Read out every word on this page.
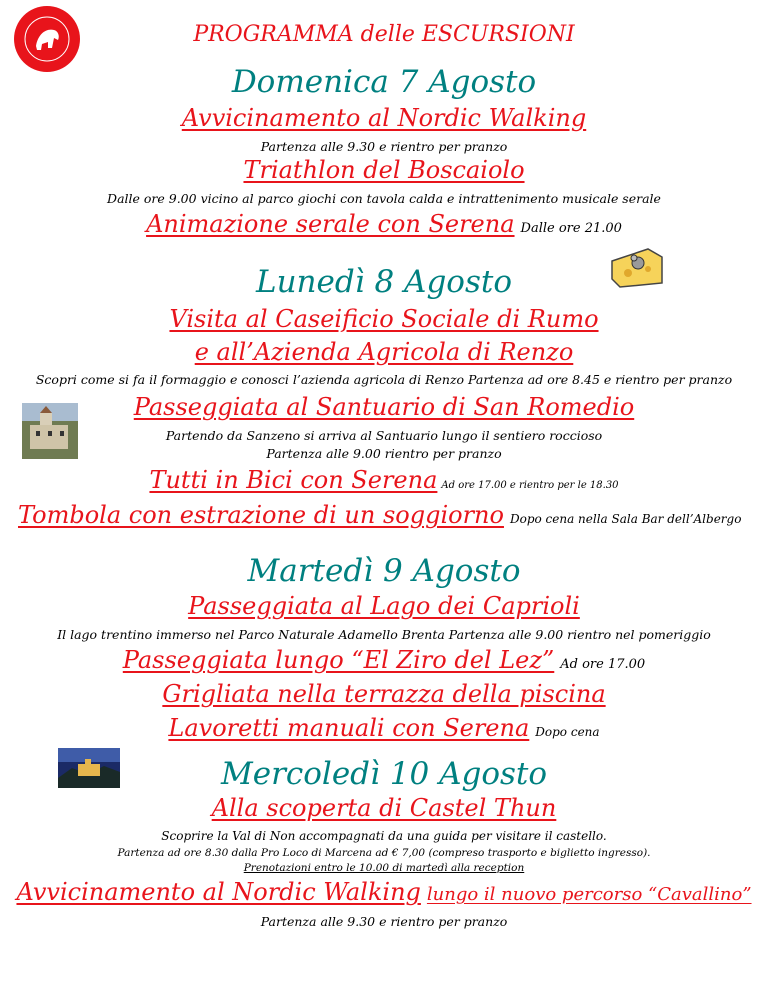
PROGRAMMA delle ESCURSIONI
Domenica 7 Agosto
Avvicinamento al Nordic Walking
Partenza alle 9.30 e rientro per pranzo
Triathlon del Boscaiolo
Dalle ore 9.00 vicino al parco giochi con tavola calda e intrattenimento musicale serale
Animazione serale con Serena Dalle ore 21.00
Lunedì 8 Agosto
Visita al Caseificio Sociale di Rumo
e all’Azienda Agricola di Renzo
Scopri come si fa il formaggio e conosci l’azienda agricola di Renzo Partenza ad ore 8.45 e rientro per pranzo
Passeggiata al Santuario di San Romedio
Partendo da Sanzeno si arriva al Santuario lungo il sentiero roccioso
Partenza alle 9.00 rientro per pranzo
Tutti in Bici con Serena Ad ore 17.00 e rientro per le 18.30
Tombola con estrazione di un soggiorno Dopo cena nella Sala Bar dell’Albergo
Martedì 9 Agosto
Passeggiata al Lago dei Caprioli
Il lago trentino immerso nel Parco Naturale Adamello Brenta Partenza alle 9.00 rientro nel pomeriggio
Passeggiata lungo “El Ziro del Lez” Ad ore 17.00
Grigliata nella terrazza della piscina
Lavoretti manuali con Serena Dopo cena
Mercoledì 10 Agosto
Alla scoperta di Castel Thun
Scoprire la Val di Non accompagnati da una guida per visitare il castello.
Partenza ad ore 8.30 dalla Pro Loco di Marcena ad € 7,00 (compreso trasporto e biglietto ingresso).
Prenotazioni entro le 10.00 di martedì alla reception
Avvicinamento al Nordic Walking lungo il nuovo percorso “Cavallino”
Partenza alle 9.30 e rientro per pranzo
